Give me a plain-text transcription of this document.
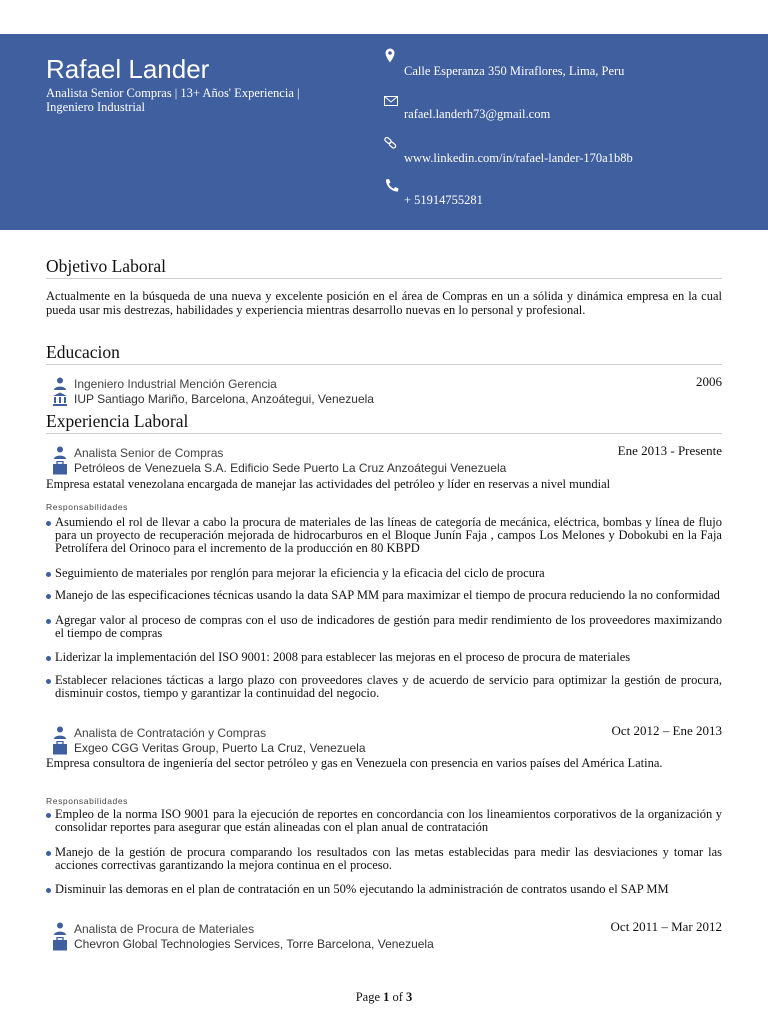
Rafael Lander
Analista Senior Compras | 13+ Años' Experiencia | Ingeniero Industrial
Calle Esperanza 350 Miraflores, Lima, Peru
rafael.landerh73@gmail.com
www.linkedin.com/in/rafael-lander-170a1b8b
+ 51914755281
Objetivo Laboral
Actualmente en la búsqueda de una nueva y excelente posición en el área de Compras en un a sólida y dinámica empresa en la cual pueda usar mis destrezas, habilidades y experiencia mientras desarrollo nuevas en lo personal y profesional.
Educacion
Ingeniero Industrial Mención Gerencia	2006
IUP Santiago Mariño, Barcelona, Anzoátegui, Venezuela
Experiencia Laboral
Analista Senior de Compras	Ene 2013 - Presente
Petróleos de Venezuela S.A. Edificio Sede Puerto La Cruz Anzoátegui Venezuela
Empresa estatal venezolana encargada de manejar las actividades del petróleo y líder en reservas a nivel mundial
Responsabilidades
Asumiendo el rol de llevar a cabo la procura de materiales de las líneas de categoría de mecánica, eléctrica, bombas y línea de flujo para un proyecto de recuperación mejorada de hidrocarburos en el Bloque Junín Faja , campos Los Melones y Dobokubi en la Faja Petrolífera del Orinoco para el incremento de la producción en 80 KBPD
Seguimiento de materiales por renglón para mejorar la eficiencia y la eficacia del ciclo de procura
Manejo de las especificaciones técnicas usando la data SAP MM para maximizar el tiempo de procura reduciendo la no conformidad
Agregar valor al proceso de compras con el uso de indicadores de gestión para medir rendimiento de los proveedores maximizando el tiempo de compras
Liderizar la implementación del ISO 9001: 2008 para establecer las mejoras en el proceso de procura de materiales
Establecer relaciones tácticas a largo plazo con proveedores claves y de acuerdo de servicio para optimizar la gestión de procura, disminuir costos, tiempo y garantizar la continuidad del negocio.
Analista de Contratación y Compras	Oct 2012 – Ene 2013
Exgeo CGG Veritas Group, Puerto La Cruz, Venezuela
Empresa consultora de ingeniería del sector petróleo y gas en Venezuela con presencia en varios países del América Latina.
Responsabilidades
Empleo de la norma ISO 9001 para la ejecución de reportes en concordancia con los lineamientos corporativos de la organización y consolidar reportes para asegurar que están alineadas con el plan anual de contratación
Manejo de la gestión de procura comparando los resultados con las metas establecidas para medir las desviaciones y tomar las acciones correctivas garantizando la mejora continua en el proceso.
Disminuir las demoras en el plan de contratación en un 50% ejecutando la administración de contratos usando el SAP MM
Analista de Procura de Materiales	Oct 2011 – Mar 2012
Chevron Global Technologies Services, Torre Barcelona, Venezuela
Page 1 of 3
